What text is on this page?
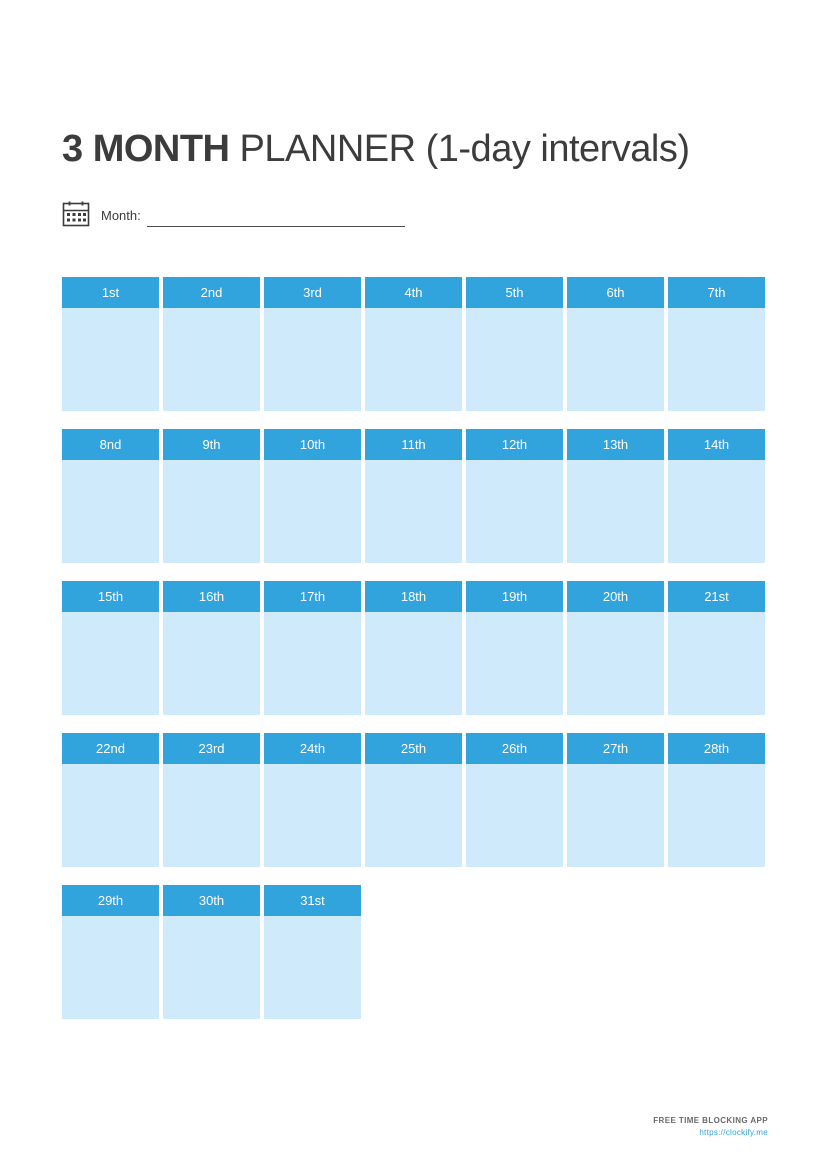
3 MONTH PLANNER (1-day intervals)
Month:
1st	2nd	3rd	4th	5th	6th	7th
8nd	9th	10th	11th	12th	13th	14th
15th	16th	17th	18th	19th	20th	21st
22nd	23rd	24th	25th	26th	27th	28th
29th	30th	31st
FREE TIME BLOCKING APP
https://clockify.me
